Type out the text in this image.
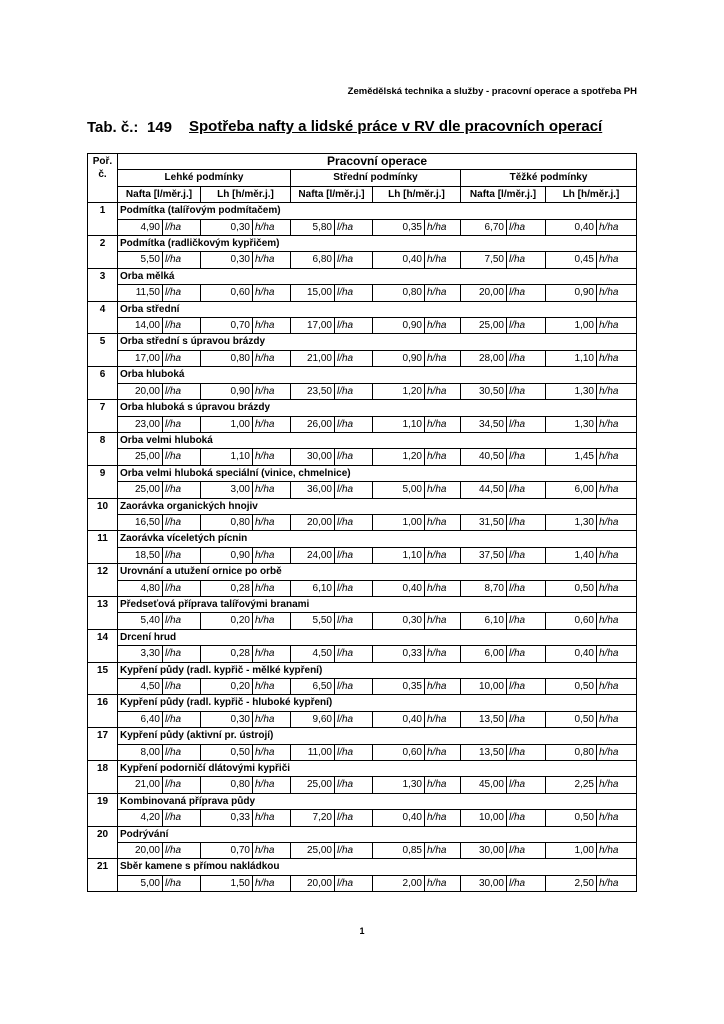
Zemědělská technika a služby - pracovní operace a spotřeba PH
Tab. č.: 149 Spotřeba nafty a lidské práce v RV dle pracovních operací
Poř.
č.	Pracovní operace											
	Lehké podmínky				Střední podmínky				Těžké podmínky			
	Nafta [l/měr.j.]		Lh [h/měr.j.]		Nafta [l/měr.j.]		Lh [h/měr.j.]		Nafta [l/měr.j.]		Lh [h/měr.j.]	
1	Podmítka (talířovým podmítačem)											
	4,90	l/ha	0,30	h/ha	5,80	l/ha	0,35	h/ha	6,70	l/ha	0,40	h/ha
2	Podmítka (radličkovým kypřičem)											
	5,50	l/ha	0,30	h/ha	6,80	l/ha	0,40	h/ha	7,50	l/ha	0,45	h/ha
3	Orba mělká											
	11,50	l/ha	0,60	h/ha	15,00	l/ha	0,80	h/ha	20,00	l/ha	0,90	h/ha
4	Orba střední											
	14,00	l/ha	0,70	h/ha	17,00	l/ha	0,90	h/ha	25,00	l/ha	1,00	h/ha
5	Orba střední s úpravou brázdy											
	17,00	l/ha	0,80	h/ha	21,00	l/ha	0,90	h/ha	28,00	l/ha	1,10	h/ha
6	Orba hluboká											
	20,00	l/ha	0,90	h/ha	23,50	l/ha	1,20	h/ha	30,50	l/ha	1,30	h/ha
7	Orba hluboká s úpravou brázdy											
	23,00	l/ha	1,00	h/ha	26,00	l/ha	1,10	h/ha	34,50	l/ha	1,30	h/ha
8	Orba velmi hluboká											
	25,00	l/ha	1,10	h/ha	30,00	l/ha	1,20	h/ha	40,50	l/ha	1,45	h/ha
9	Orba velmi hluboká speciální (vinice, chmelnice)											
	25,00	l/ha	3,00	h/ha	36,00	l/ha	5,00	h/ha	44,50	l/ha	6,00	h/ha
10	Zaorávka organických hnojiv											
	16,50	l/ha	0,80	h/ha	20,00	l/ha	1,00	h/ha	31,50	l/ha	1,30	h/ha
11	Zaorávka víceletých pícnin											
	18,50	l/ha	0,90	h/ha	24,00	l/ha	1,10	h/ha	37,50	l/ha	1,40	h/ha
12	Urovnání a utužení ornice po orbě											
	4,80	l/ha	0,28	h/ha	6,10	l/ha	0,40	h/ha	8,70	l/ha	0,50	h/ha
13	Předseťová příprava talířovými branami											
	5,40	l/ha	0,20	h/ha	5,50	l/ha	0,30	h/ha	6,10	l/ha	0,60	h/ha
14	Drcení hrud											
	3,30	l/ha	0,28	h/ha	4,50	l/ha	0,33	h/ha	6,00	l/ha	0,40	h/ha
15	Kypření půdy (radl. kypřič - mělké kypření)											
	4,50	l/ha	0,20	h/ha	6,50	l/ha	0,35	h/ha	10,00	l/ha	0,50	h/ha
16	Kypření půdy (radl. kypřič - hluboké kypření)											
	6,40	l/ha	0,30	h/ha	9,60	l/ha	0,40	h/ha	13,50	l/ha	0,50	h/ha
17	Kypření půdy (aktivní pr. ústrojí)											
	8,00	l/ha	0,50	h/ha	11,00	l/ha	0,60	h/ha	13,50	l/ha	0,80	h/ha
18	Kypření podorničí dlátovými kypřiči											
	21,00	l/ha	0,80	h/ha	25,00	l/ha	1,30	h/ha	45,00	l/ha	2,25	h/ha
19	Kombinovaná příprava půdy											
	4,20	l/ha	0,33	h/ha	7,20	l/ha	0,40	h/ha	10,00	l/ha	0,50	h/ha
20	Podrývání											
	20,00	l/ha	0,70	h/ha	25,00	l/ha	0,85	h/ha	30,00	l/ha	1,00	h/ha
21	Sběr kamene s přímou nakládkou											
	5,00	l/ha	1,50	h/ha	20,00	l/ha	2,00	h/ha	30,00	l/ha	2,50	h/ha
1
